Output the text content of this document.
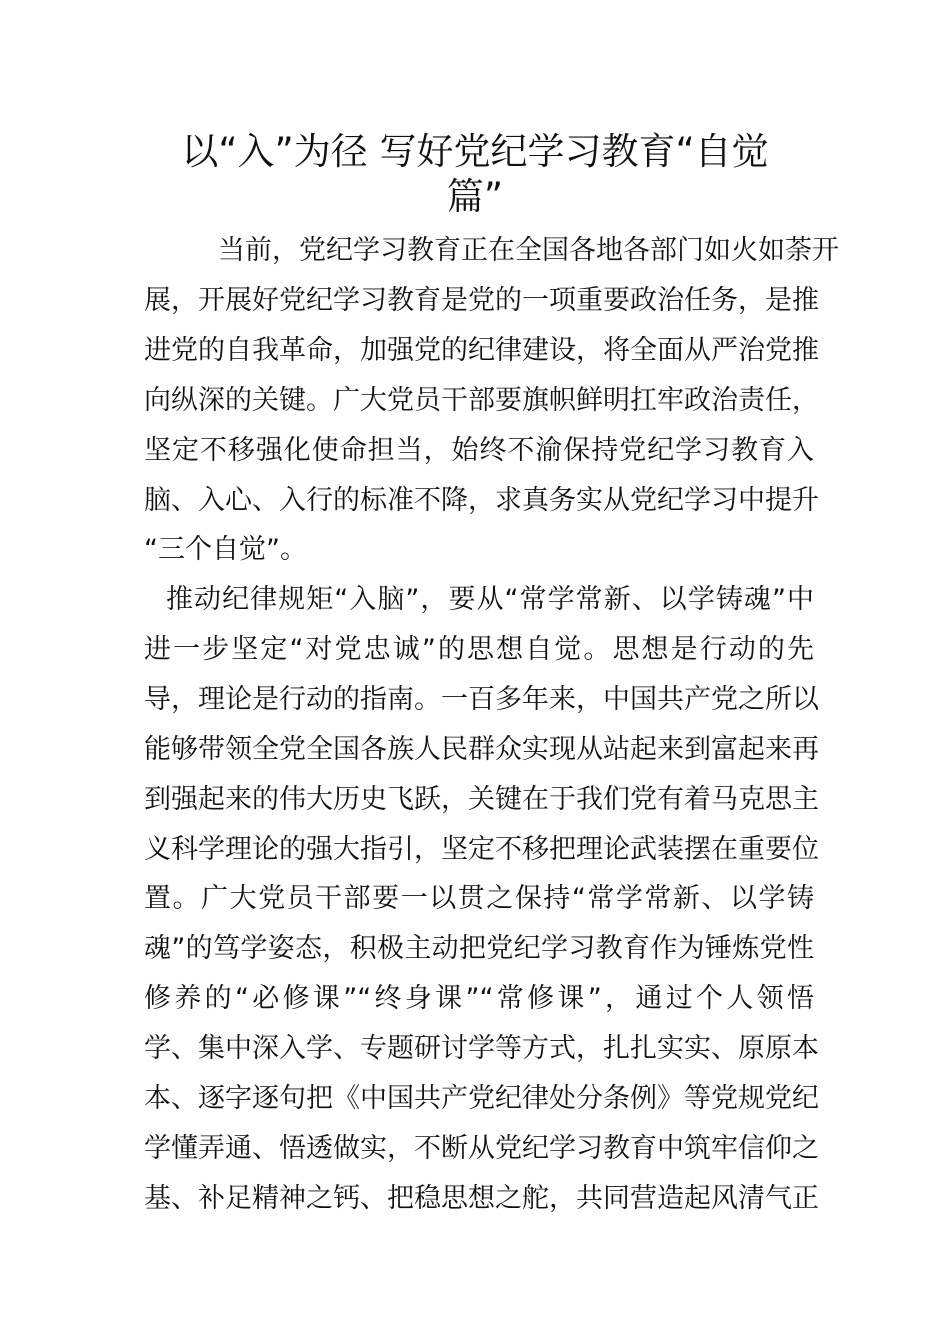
以“入”为径 写好党纪学习教育“自觉
篇”
当前，党纪学习教育正在全国各地各部门如火如荼开
展，开展好党纪学习教育是党的一项重要政治任务，是推
进党的自我革命，加强党的纪律建设，将全面从严治党推
向纵深的关键。广大党员干部要旗帜鲜明扛牢政治责任，
坚定不移强化使命担当，始终不渝保持党纪学习教育入
脑、入心、入行的标准不降，求真务实从党纪学习中提升
“三个自觉”。
推动纪律规矩“入脑”，要从“常学常新、以学铸魂”中
进一步坚定“对党忠诚”的思想自觉。思想是行动的先
导，理论是行动的指南。一百多年来，中国共产党之所以
能够带领全党全国各族人民群众实现从站起来到富起来再
到强起来的伟大历史飞跃，关键在于我们党有着马克思主
义科学理论的强大指引，坚定不移把理论武装摆在重要位
置。广大党员干部要一以贯之保持“常学常新、以学铸
魂”的笃学姿态，积极主动把党纪学习教育作为锤炼党性
修养的“必修课”“终身课”“常修课”，通过个人领悟
学、集中深入学、专题研讨学等方式，扎扎实实、原原本
本、逐字逐句把《中国共产党纪律处分条例》等党规党纪
学懂弄通、悟透做实，不断从党纪学习教育中筑牢信仰之
基、补足精神之钙、把稳思想之舵，共同营造起风清气正
